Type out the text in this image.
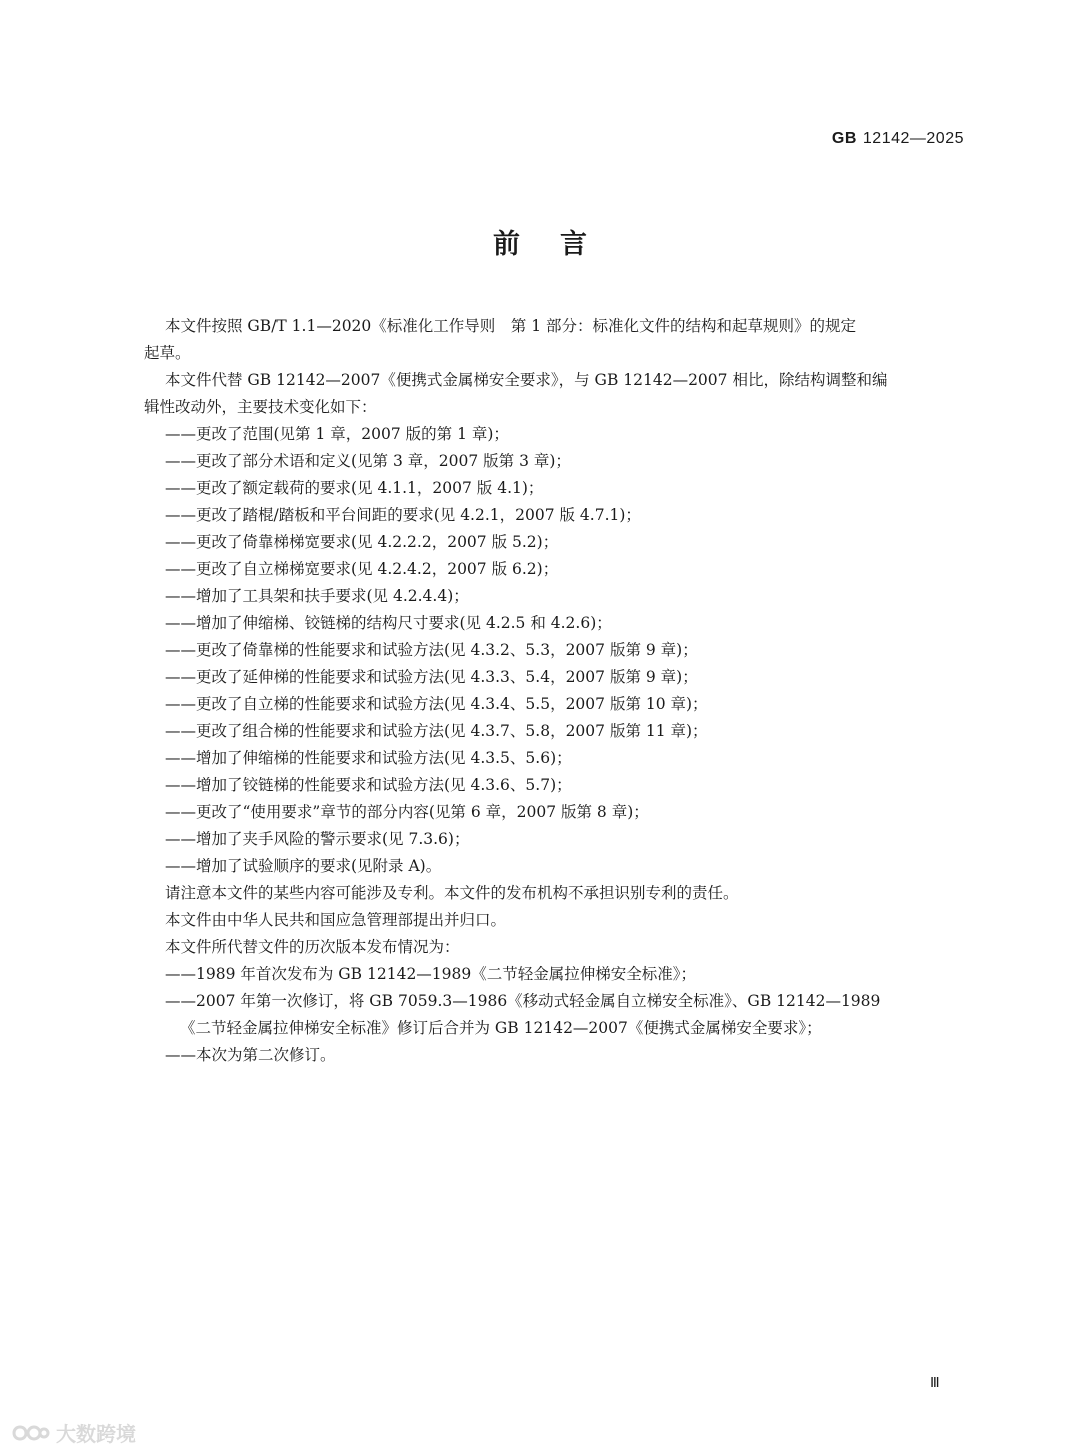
GB 12142—2025
前言

本文件按照 GB/T 1.1—2020《标准化工作导则　第 1 部分：标准化文件的结构和起草规则》的规定

起草。

本文件代替 GB 12142—2007《便携式金属梯安全要求》，与 GB 12142—2007 相比，除结构调整和编

辑性改动外，主要技术变化如下：

——更改了范围(见第 1 章，2007 版的第 1 章)；

——更改了部分术语和定义(见第 3 章，2007 版第 3 章)；

——更改了额定载荷的要求(见 4.1.1，2007 版 4.1)；

——更改了踏棍/踏板和平台间距的要求(见 4.2.1，2007 版 4.7.1)；

——更改了倚靠梯梯宽要求(见 4.2.2.2，2007 版 5.2)；

——更改了自立梯梯宽要求(见 4.2.4.2，2007 版 6.2)；

——增加了工具架和扶手要求(见 4.2.4.4)；

——增加了伸缩梯、铰链梯的结构尺寸要求(见 4.2.5 和 4.2.6)；

——更改了倚靠梯的性能要求和试验方法(见 4.3.2、5.3，2007 版第 9 章)；

——更改了延伸梯的性能要求和试验方法(见 4.3.3、5.4，2007 版第 9 章)；

——更改了自立梯的性能要求和试验方法(见 4.3.4、5.5，2007 版第 10 章)；

——更改了组合梯的性能要求和试验方法(见 4.3.7、5.8，2007 版第 11 章)；

——增加了伸缩梯的性能要求和试验方法(见 4.3.5、5.6)；

——增加了铰链梯的性能要求和试验方法(见 4.3.6、5.7)；

——更改了“使用要求”章节的部分内容(见第 6 章，2007 版第 8 章)；

——增加了夹手风险的警示要求(见 7.3.6)；

——增加了试验顺序的要求(见附录 A)。

请注意本文件的某些内容可能涉及专利。本文件的发布机构不承担识别专利的责任。

本文件由中华人民共和国应急管理部提出并归口。

本文件所代替文件的历次版本发布情况为：

——1989 年首次发布为 GB 12142—1989《二节轻金属拉伸梯安全标准》；

——2007 年第一次修订，将 GB 7059.3—1986《移动式轻金属自立梯安全标准》、GB 12142—1989
《二节轻金属拉伸梯安全标准》修订后合并为 GB 12142—2007《便携式金属梯安全要求》；

——本次为第二次修订。

Ⅲ
大数跨境
